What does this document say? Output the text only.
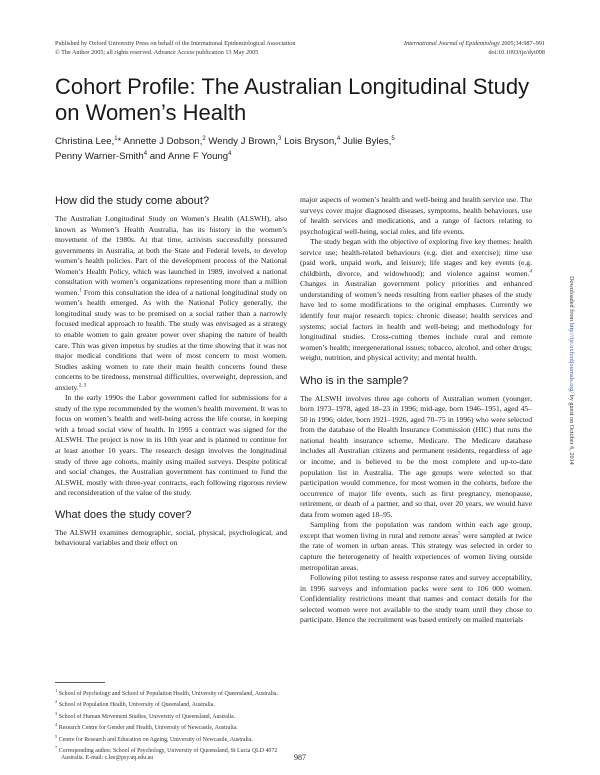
Published by Oxford University Press on behalf of the International Epidemiological Association
© The Author 2005; all rights reserved. Advance Access publication 13 May 2005
International Journal of Epidemiology 2005;34:987–991
doi:10.1093/ije/dyi098
Cohort Profile: The Australian Longitudinal Study on Women’s Health
Christina Lee,$^1$* Annette J Dobson,$^2$ Wendy J Brown,$^3$ Lois Bryson,$^4$ Julie Byles,$^5$
Penny Warner-Smith$^4$ and Anne F Young$^4$
How did the study come about?

The Australian Longitudinal Study on Women’s Health (ALSWH), also known as Women’s Health Australia, has its history in the women’s movement of the 1980s. At that time, activists successfully pressured governments in Australia, at both the State and Federal levels, to develop women’s health policies. Part of the development process of the National Women’s Health Policy, which was launched in 1989, involved a national consultation with women’s organizations representing more than a million women.$^1$ From this consultation the idea of a national longitudinal study on women’s health emerged. As with the National Policy generally, the longitudinal study was to be premised on a social rather than a narrowly focused medical approach to health. The study was envisaged as a strategy to enable women to gain greater power over shaping the nature of health care. This was given impetus by studies at the time showing that it was not major medical conditions that were of most concern to most women. Studies asking women to rate their main health concerns found these concerns to be tiredness, menstrual difficulties, overweight, depression, and anxiety.$^{2, 3}$

In the early 1990s the Labor government called for submissions for a study of the type recommended by the women’s health movement. It was to focus on women’s health and well-being across the life course, in keeping with a broad social view of health. In 1995 a contract was signed for the ALSWH. The project is now in its 10th year and is planned to continue for at least another 10 years. The research design involves the longitudinal study of three age cohorts, mainly using mailed surveys. Despite political and social changes, the Australian government has continued to fund the ALSWH, mostly with three-year contracts, each following rigorous review and reconsideration of the value of the study.

What does the study cover?

The ALSWH examines demographic, social, physical, psychological, and behavioural variables and their effect on

$^1$ School of Psychology and School of Population Health, University of Queensland, Australia.
$^2$ School of Population Health, University of Queensland, Australia.
$^3$ School of Human Movement Studies, University of Queensland, Australia.
$^4$ Research Centre for Gender and Health, University of Newcastle, Australia.
$^5$ Centre for Research and Education on Ageing, University of Newcastle, Australia.
* Corresponding author. School of Psychology, University of Queensland, St Lucia QLD 4072 Australia. E-mail: c.lee@psy.uq.edu.au

major aspects of women’s health and well-being and health service use. The surveys cover major diagnosed diseases, symptoms, health behaviours, use of health services and medications, and a range of factors relating to psychological well-being, social roles, and life events.

The study began with the objective of exploring five key themes: health service use; health-related behaviours (e.g. diet and exercise); time use (paid work, unpaid work, and leisure); life stages and key events (e.g. childbirth, divorce, and widowhood); and violence against women.$^4$ Changes in Australian government policy priorities and enhanced understanding of women’s needs resulting from earlier phases of the study have led to some modifications to the original emphases. Currently we identify four major research topics: chronic disease; health services and systems; social factors in health and well-being; and methodology for longitudinal studies. Cross-cutting themes include rural and remote women’s health; intergenerational issues; tobacco, alcohol, and other drugs; weight, nutrition, and physical activity; and mental health.

Who is in the sample?

The ALSWH involves three age cohorts of Australian women (younger, born 1973–1978, aged 18–23 in 1996; mid-age, born 1946–1951, aged 45–50 in 1996; older, born 1921–1926, aged 70–75 in 1996) who were selected from the database of the Health Insurance Commission (HIC) that runs the national health insurance scheme, Medicare. The Medicare database includes all Australian citizens and permanent residents, regardless of age or income, and is believed to be the most complete and up-to-date population list in Australia. The age groups were selected so that participation would commence, for most women in the cohorts, before the occurrence of major life events, such as first pregnancy, menopause, retirement, or death of a partner, and so that, over 20 years, we would have data from women aged 18–95.

Sampling from the population was random within each age group, except that women living in rural and remote areas$^5$ were sampled at twice the rate of women in urban areas. This strategy was selected in order to capture the heterogeneity of health experiences of women living outside metropolitan areas.

Following pilot testing to assess response rates and survey acceptability, in 1996 surveys and information packs were sent to 106 000 women. Confidentiality restrictions meant that names and contact details for the selected women were not available to the study team until they chose to participate. Hence the recruitment was based entirely on mailed materials

Downloaded from http://ije.oxfordjournals.org/ by guest on October 6, 2014
987
